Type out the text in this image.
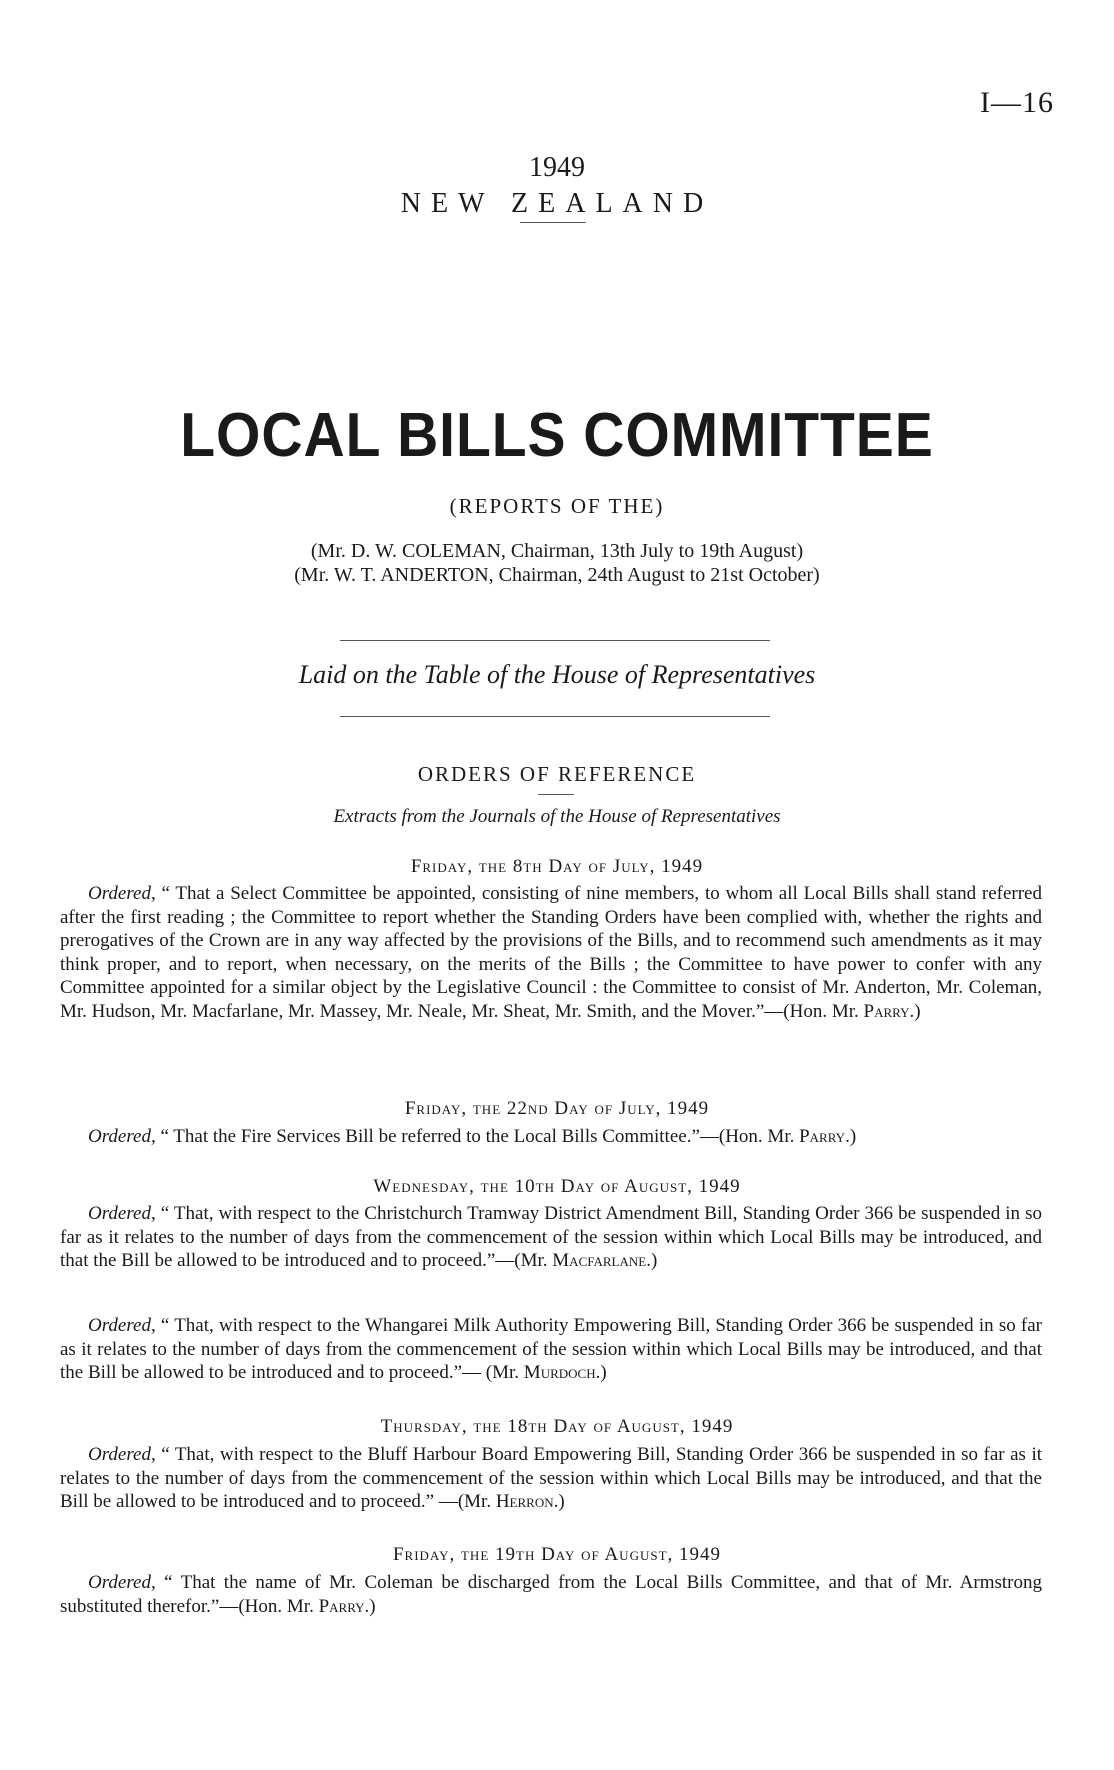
I—16
1949
NEW ZEALAND
LOCAL BILLS COMMITTEE
(REPORTS OF THE)
(Mr. D. W. COLEMAN, Chairman, 13th July to 19th August)
(Mr. W. T. ANDERTON, Chairman, 24th August to 21st October)
Laid on the Table of the House of Representatives
ORDERS OF REFERENCE
Extracts from the Journals of the House of Representatives
Friday, the 8th Day of July, 1949
Ordered, “ That a Select Committee be appointed, consisting of nine members, to whom all Local Bills shall stand referred after the first reading ; the Committee to report whether the Standing Orders have been complied with, whether the rights and prerogatives of the Crown are in any way affected by the provisions of the Bills, and to recommend such amendments as it may think proper, and to report, when necessary, on the merits of the Bills ; the Committee to have power to confer with any Committee appointed for a similar object by the Legislative Council : the Committee to consist of Mr. Anderton, Mr. Coleman, Mr. Hudson, Mr. Macfarlane, Mr. Massey, Mr. Neale, Mr. Sheat, Mr. Smith, and the Mover.”—(Hon. Mr. Parry.)
Friday, the 22nd Day of July, 1949
Ordered, “ That the Fire Services Bill be referred to the Local Bills Committee.”—(Hon. Mr. Parry.)
Wednesday, the 10th Day of August, 1949
Ordered, “ That, with respect to the Christchurch Tramway District Amendment Bill, Standing Order 366 be suspended in so far as it relates to the number of days from the commencement of the session within which Local Bills may be introduced, and that the Bill be allowed to be introduced and to proceed.”—(Mr. Macfarlane.)
Ordered, “ That, with respect to the Whangarei Milk Authority Empowering Bill, Standing Order 366 be suspended in so far as it relates to the number of days from the commencement of the session within which Local Bills may be introduced, and that the Bill be allowed to be introduced and to proceed.”— (Mr. Murdoch.)
Thursday, the 18th Day of August, 1949
Ordered, “ That, with respect to the Bluff Harbour Board Empowering Bill, Standing Order 366 be suspended in so far as it relates to the number of days from the commencement of the session within which Local Bills may be introduced, and that the Bill be allowed to be introduced and to proceed.” —(Mr. Herron.)
Friday, the 19th Day of August, 1949
Ordered, “ That the name of Mr. Coleman be discharged from the Local Bills Committee, and that of Mr. Armstrong substituted therefor.”—(Hon. Mr. Parry.)
